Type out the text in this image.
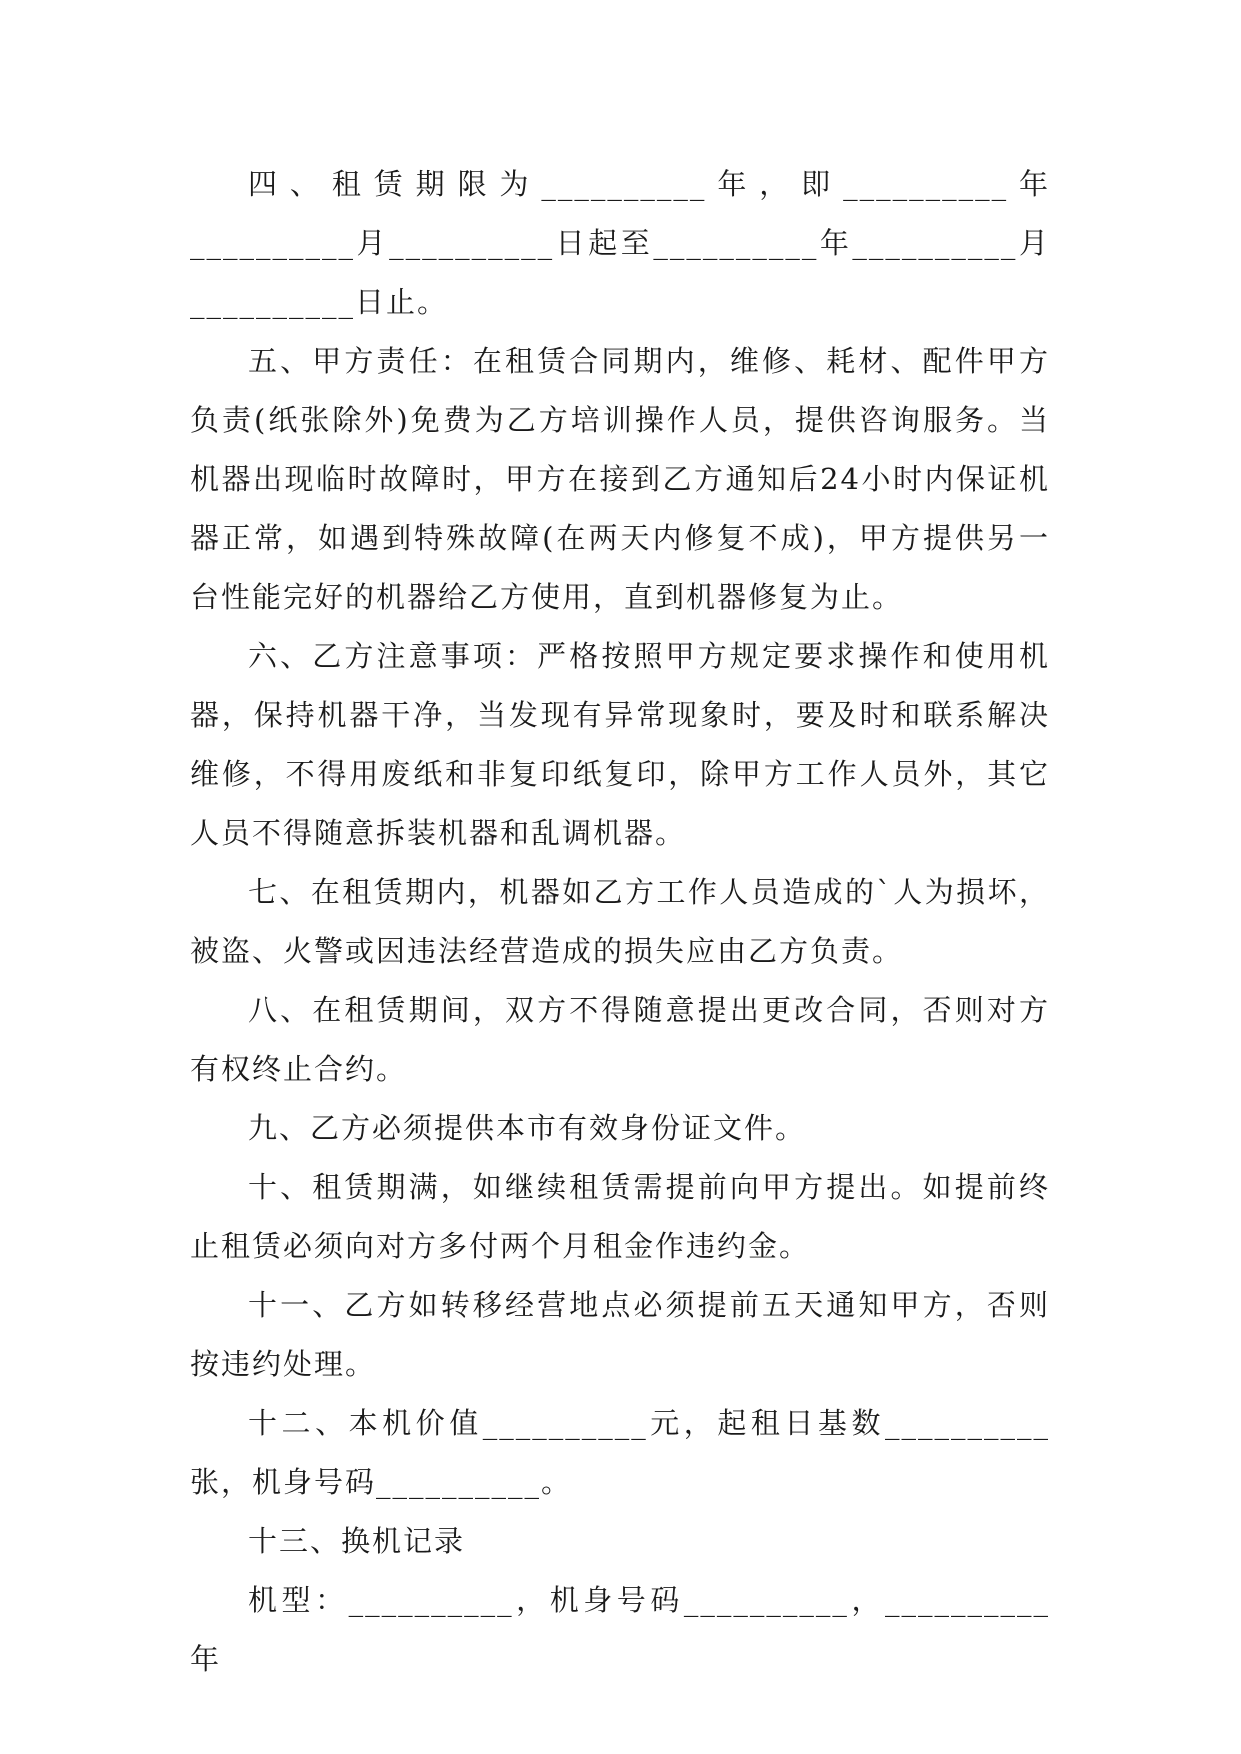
四、租赁期限为__________年，即__________年__________月__________日起至__________年__________月__________日止。

五、甲方责任：在租赁合同期内，维修、耗材、配件甲方负责(纸张除外)免费为乙方培训操作人员，提供咨询服务。当机器出现临时故障时，甲方在接到乙方通知后24小时内保证机器正常，如遇到特殊故障(在两天内修复不成)，甲方提供另一台性能完好的机器给乙方使用，直到机器修复为止。

六、乙方注意事项：严格按照甲方规定要求操作和使用机器，保持机器干净，当发现有异常现象时，要及时和联系解决维修，不得用废纸和非复印纸复印，除甲方工作人员外，其它人员不得随意拆装机器和乱调机器。

七、在租赁期内，机器如乙方工作人员造成的`人为损坏，被盗、火警或因违法经营造成的损失应由乙方负责。

八、在租赁期间，双方不得随意提出更改合同，否则对方有权终止合约。

九、乙方必须提供本市有效身份证文件。

十、租赁期满，如继续租赁需提前向甲方提出。如提前终止租赁必须向对方多付两个月租金作违约金。

十一、乙方如转移经营地点必须提前五天通知甲方，否则按违约处理。

十二、本机价值__________元，起租日基数__________张，机身号码__________。

十三、换机记录

机型：__________，机身号码__________，__________年
